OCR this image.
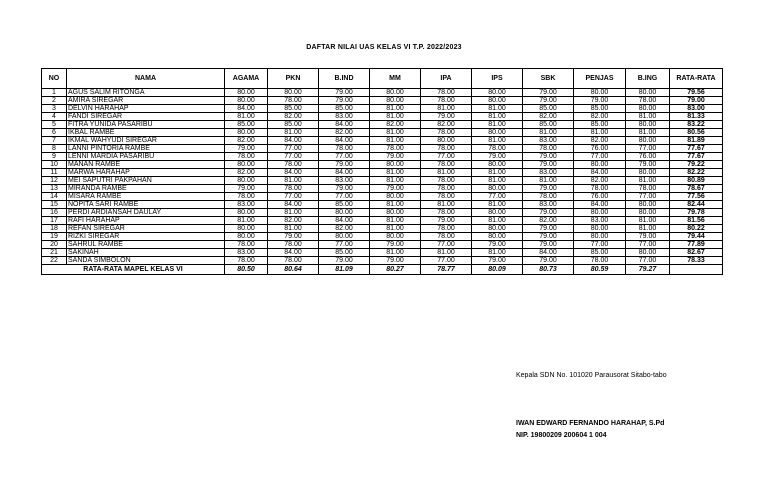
DAFTAR NILAI UAS KELAS VI T.P. 2022/2023
NO	NAMA	AGAMA	PKN	B.IND	MM	IPA	IPS	SBK	PENJAS	B.ING	RATA-RATA
1	AGUS SALIM RITONGA	80.00	80.00	79.00	80.00	78.00	80.00	79.00	80.00	80.00	79.56
2	AMIRA SIREGAR	80.00	78.00	79.00	80.00	78.00	80.00	79.00	79.00	78.00	79.00
3	DELVIN HARAHAP	84.00	85.00	85.00	81.00	81.00	81.00	85.00	85.00	80.00	83.00
4	FANDI SIREGAR	81.00	82.00	83.00	81.00	79.00	81.00	82.00	82.00	81.00	81.33
5	FITRA YUNIDA PASARIBU	85.00	85.00	84.00	82.00	82.00	81.00	85.00	85.00	80.00	83.22
6	IKBAL RAMBE	80.00	81.00	82.00	81.00	78.00	80.00	81.00	81.00	81.00	80.56
7	IKMAL WAHYUDI SIREGAR	82.00	84.00	84.00	81.00	80.00	81.00	83.00	82.00	80.00	81.89
8	LANNI PINTORIA RAMBE	79.00	77.00	78.00	78.00	78.00	78.00	78.00	76.00	77.00	77.67
9	LENNI MARDIA PASARIBU	78.00	77.00	77.00	79.00	77.00	79.00	79.00	77.00	76.00	77.67
10	MANAN RAMBE	80.00	78.00	79.00	80.00	78.00	80.00	79.00	80.00	79.00	79.22
11	MARWA HARAHAP	82.00	84.00	84.00	81.00	81.00	81.00	83.00	84.00	80.00	82.22
12	MEI SAPUTRI PAKPAHAN	80.00	81.00	83.00	81.00	78.00	81.00	81.00	82.00	81.00	80.89
13	MIRANDA RAMBE	79.00	78.00	79.00	79.00	78.00	80.00	79.00	78.00	78.00	78.67
14	MISARA RAMBE	78.00	77.00	77.00	80.00	78.00	77.00	78.00	76.00	77.00	77.56
15	NOPITA SARI RAMBE	83.00	84.00	85.00	81.00	81.00	81.00	83.00	84.00	80.00	82.44
16	PERDI ARDIANSAH DAULAY	80.00	81.00	80.00	80.00	78.00	80.00	79.00	80.00	80.00	79.78
17	RAFI HARAHAP	81.00	82.00	84.00	81.00	79.00	81.00	82.00	83.00	81.00	81.56
18	REFAN SIREGAR	80.00	81.00	82.00	81.00	78.00	80.00	79.00	80.00	81.00	80.22
19	RIZKI SIREGAR	80.00	79.00	80.00	80.00	78.00	80.00	79.00	80.00	79.00	79.44
20	SAHRUL RAMBE	78.00	78.00	77.00	79.00	77.00	79.00	79.00	77.00	77.00	77.89
21	SAKINAH	83.00	84.00	85.00	81.00	81.00	81.00	84.00	85.00	80.00	82.67
22	SANDA SIMBOLON	78.00	78.00	79.00	79.00	77.00	79.00	79.00	78.00	77.00	78.33
RATA-RATA MAPEL KELAS VI		80.50	80.64	81.09	80.27	78.77	80.09	80.73	80.59	79.27	
Kepala SDN No. 101020 Parausorat Sitabo-tabo
IWAN EDWARD FERNANDO HARAHAP, S.Pd
NIP. 19800209 200604 1 004
